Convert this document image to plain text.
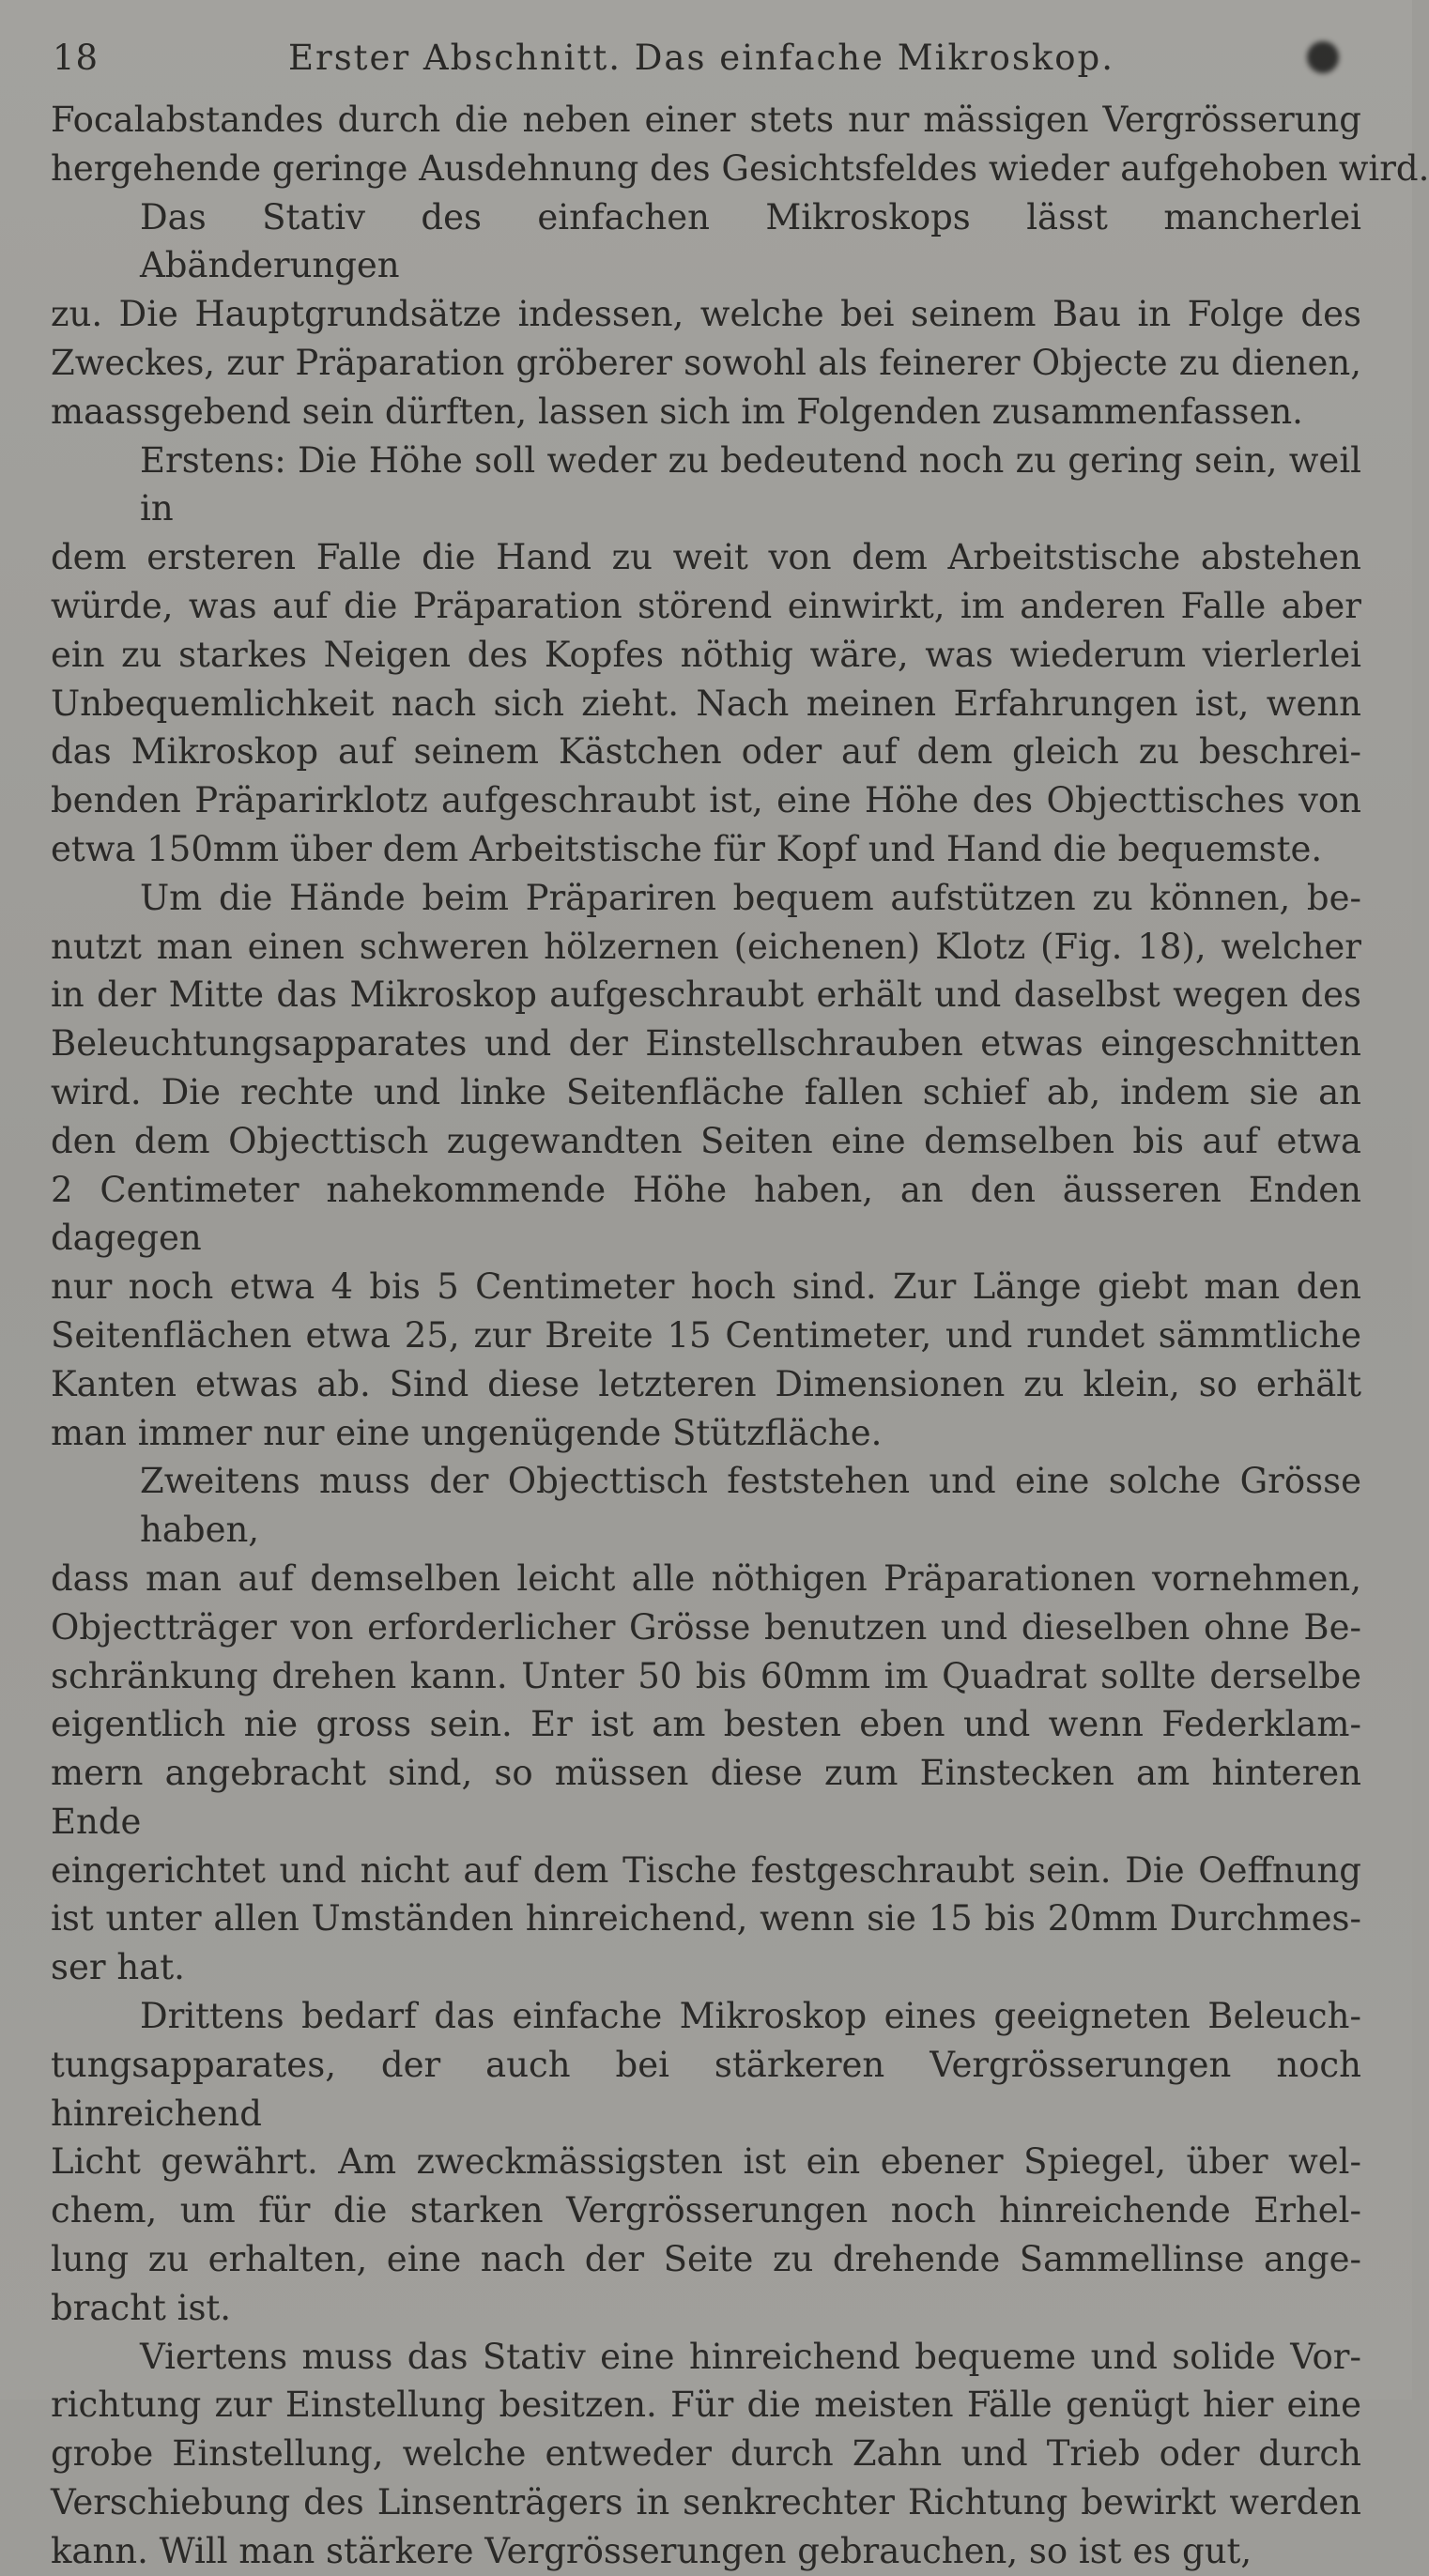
18	Erster Abschnitt. Das einfache Mikroskop.
Focalabstandes durch die neben einer stets nur mässigen Vergrösserung
hergehende geringe Ausdehnung des Gesichtsfeldes wieder aufgehoben wird.
Das Stativ des einfachen Mikroskops lässt mancherlei Abänderungen
zu. Die Hauptgrundsätze indessen, welche bei seinem Bau in Folge des
Zweckes, zur Präparation gröberer sowohl als feinerer Objecte zu dienen,
maassgebend sein dürften, lassen sich im Folgenden zusammenfassen.
Erstens: Die Höhe soll weder zu bedeutend noch zu gering sein, weil in
dem ersteren Falle die Hand zu weit von dem Arbeitstische abstehen
würde, was auf die Präparation störend einwirkt, im anderen Falle aber
ein zu starkes Neigen des Kopfes nöthig wäre, was wiederum vierlerlei
Unbequemlichkeit nach sich zieht. Nach meinen Erfahrungen ist, wenn
das Mikroskop auf seinem Kästchen oder auf dem gleich zu beschrei-
benden Präparirklotz aufgeschraubt ist, eine Höhe des Objecttisches von
etwa 150mm über dem Arbeitstische für Kopf und Hand die bequemste.
Um die Hände beim Präpariren bequem aufstützen zu können, be-
nutzt man einen schweren hölzernen (eichenen) Klotz (Fig. 18), welcher
in der Mitte das Mikroskop aufgeschraubt erhält und daselbst wegen des
Beleuchtungsapparates und der Einstellschrauben etwas eingeschnitten
wird. Die rechte und linke Seitenfläche fallen schief ab, indem sie an
den dem Objecttisch zugewandten Seiten eine demselben bis auf etwa
2 Centimeter nahekommende Höhe haben, an den äusseren Enden dagegen
nur noch etwa 4 bis 5 Centimeter hoch sind. Zur Länge giebt man den
Seitenflächen etwa 25, zur Breite 15 Centimeter, und rundet sämmtliche
Kanten etwas ab. Sind diese letzteren Dimensionen zu klein, so erhält
man immer nur eine ungenügende Stützfläche.
Zweitens muss der Objecttisch feststehen und eine solche Grösse haben,
dass man auf demselben leicht alle nöthigen Präparationen vornehmen,
Objectträger von erforderlicher Grösse benutzen und dieselben ohne Be-
schränkung drehen kann. Unter 50 bis 60mm im Quadrat sollte derselbe
eigentlich nie gross sein. Er ist am besten eben und wenn Federklam-
mern angebracht sind, so müssen diese zum Einstecken am hinteren Ende
eingerichtet und nicht auf dem Tische festgeschraubt sein. Die Oeffnung
ist unter allen Umständen hinreichend, wenn sie 15 bis 20mm Durchmes-
ser hat.
Drittens bedarf das einfache Mikroskop eines geeigneten Beleuch-
tungsapparates, der auch bei stärkeren Vergrösserungen noch hinreichend
Licht gewährt. Am zweckmässigsten ist ein ebener Spiegel, über wel-
chem, um für die starken Vergrösserungen noch hinreichende Erhel-
lung zu erhalten, eine nach der Seite zu drehende Sammellinse ange-
bracht ist.
Viertens muss das Stativ eine hinreichend bequeme und solide Vor-
richtung zur Einstellung besitzen. Für die meisten Fälle genügt hier eine
grobe Einstellung, welche entweder durch Zahn und Trieb oder durch
Verschiebung des Linsenträgers in senkrechter Richtung bewirkt werden
kann. Will man stärkere Vergrösserungen gebrauchen, so ist es gut,
